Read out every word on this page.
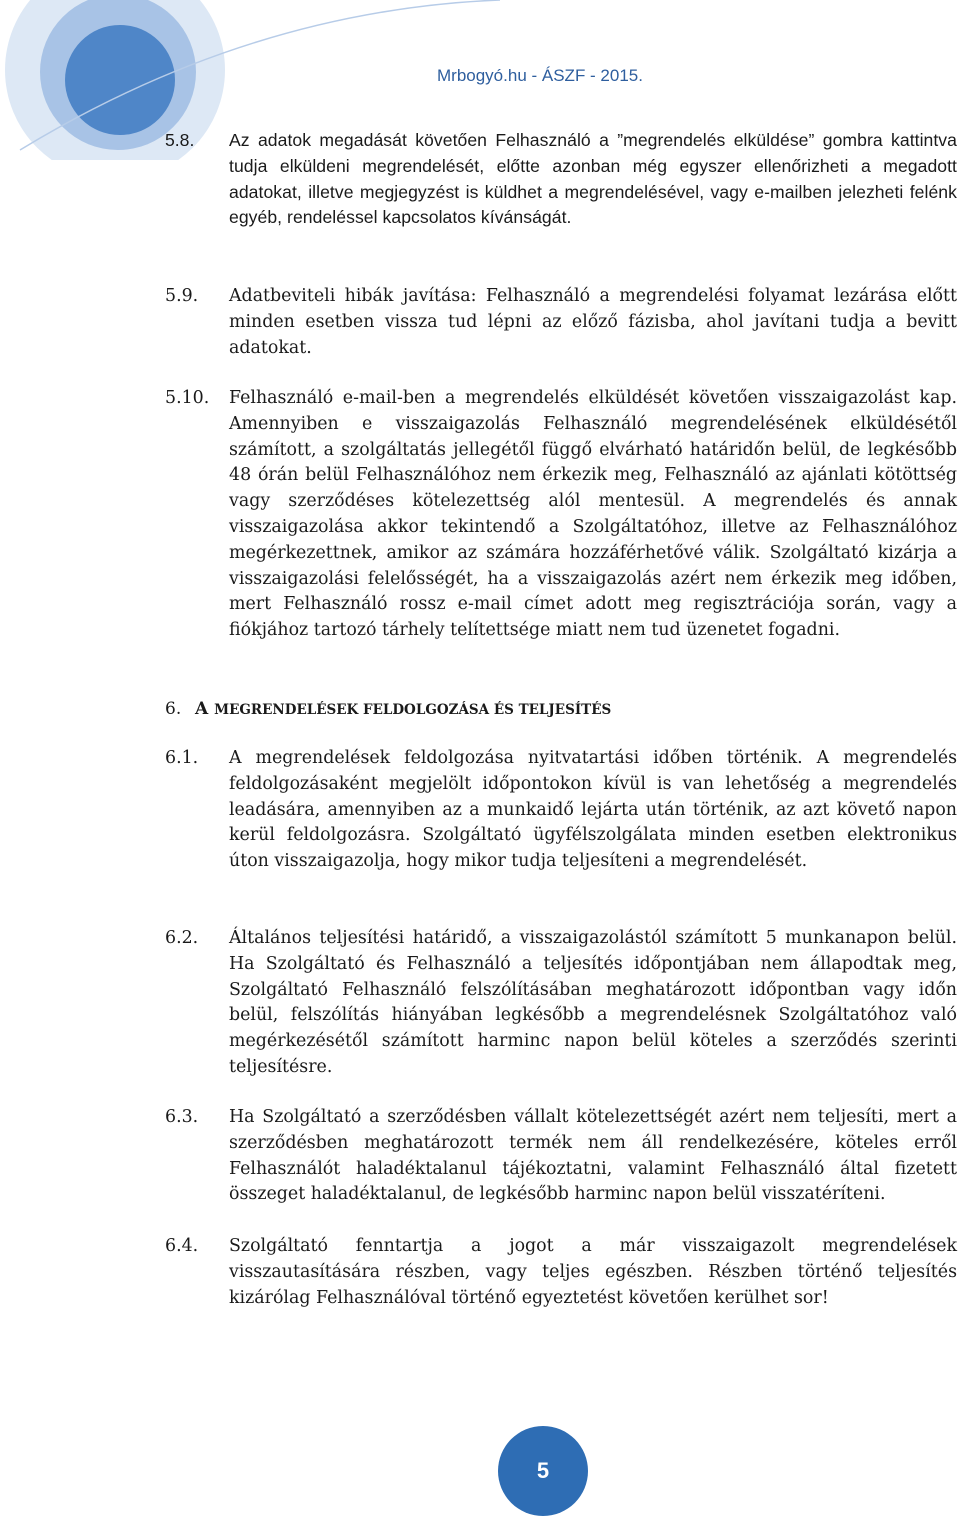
Mrbogyó.hu - ÁSZF - 2015.
5.8. Az adatok megadását követően Felhasználó a ”megrendelés elküldése” gombra kattintva tudja elküldeni megrendelését, előtte azonban még egyszer ellenőrizheti a megadott adatokat, illetve megjegyzést is küldhet a megrendelésével, vagy e-mailben jelezheti felénk egyéb, rendeléssel kapcsolatos kívánságát.
5.9. Adatbeviteli hibák javítása: Felhasználó a megrendelési folyamat lezárása előtt minden esetben vissza tud lépni az előző fázisba, ahol javítani tudja a bevitt adatokat.
5.10. Felhasználó e-mail-ben a megrendelés elküldését követően visszaigazolást kap. Amennyiben e visszaigazolás Felhasználó megrendelésének elküldésétől számított, a szolgáltatás jellegétől függő elvárható határidőn belül, de legkésőbb 48 órán belül Felhasználóhoz nem érkezik meg, Felhasználó az ajánlati kötöttség vagy szerződéses kötelezettség alól mentesül. A megrendelés és annak visszaigazolása akkor tekintendő a Szolgáltatóhoz, illetve az Felhasználóhoz megérkezettnek, amikor az számára hozzáférhetővé válik. Szolgáltató kizárja a visszaigazolási felelősségét, ha a visszaigazolás azért nem érkezik meg időben, mert Felhasználó rossz e-mail címet adott meg regisztrációja során, vagy a fiókjához tartozó tárhely telítettsége miatt nem tud üzenetet fogadni.
6. A MEGRENDELÉSEK FELDOLGOZÁSA ÉS TELJESÍTÉS
6.1. A megrendelések feldolgozása nyitvatartási időben történik. A megrendelés feldolgozásaként megjelölt időpontokon kívül is van lehetőség a megrendelés leadására, amennyiben az a munkaidő lejárta után történik, az azt követő napon kerül feldolgozásra. Szolgáltató ügyfélszolgálata minden esetben elektronikus úton visszaigazolja, hogy mikor tudja teljesíteni a megrendelését.
6.2. Általános teljesítési határidő, a visszaigazolástól számított 5 munkanapon belül. Ha Szolgáltató és Felhasználó a teljesítés időpontjában nem állapodtak meg, Szolgáltató Felhasználó felszólításában meghatározott időpontban vagy időn belül, felszólítás hiányában legkésőbb a megrendelésnek Szolgáltatóhoz való megérkezésétől számított harminc napon belül köteles a szerződés szerinti teljesítésre.
6.3. Ha Szolgáltató a szerződésben vállalt kötelezettségét azért nem teljesíti, mert a szerződésben meghatározott termék nem áll rendelkezésére, köteles erről Felhasználót haladéktalanul tájékoztatni, valamint Felhasználó által fizetett összeget haladéktalanul, de legkésőbb harminc napon belül visszatéríteni.
6.4. Szolgáltató fenntartja a jogot a már visszaigazolt megrendelések visszautasítására részben, vagy teljes egészben. Részben történő teljesítés kizárólag Felhasználóval történő egyeztetést követően kerülhet sor!
5
